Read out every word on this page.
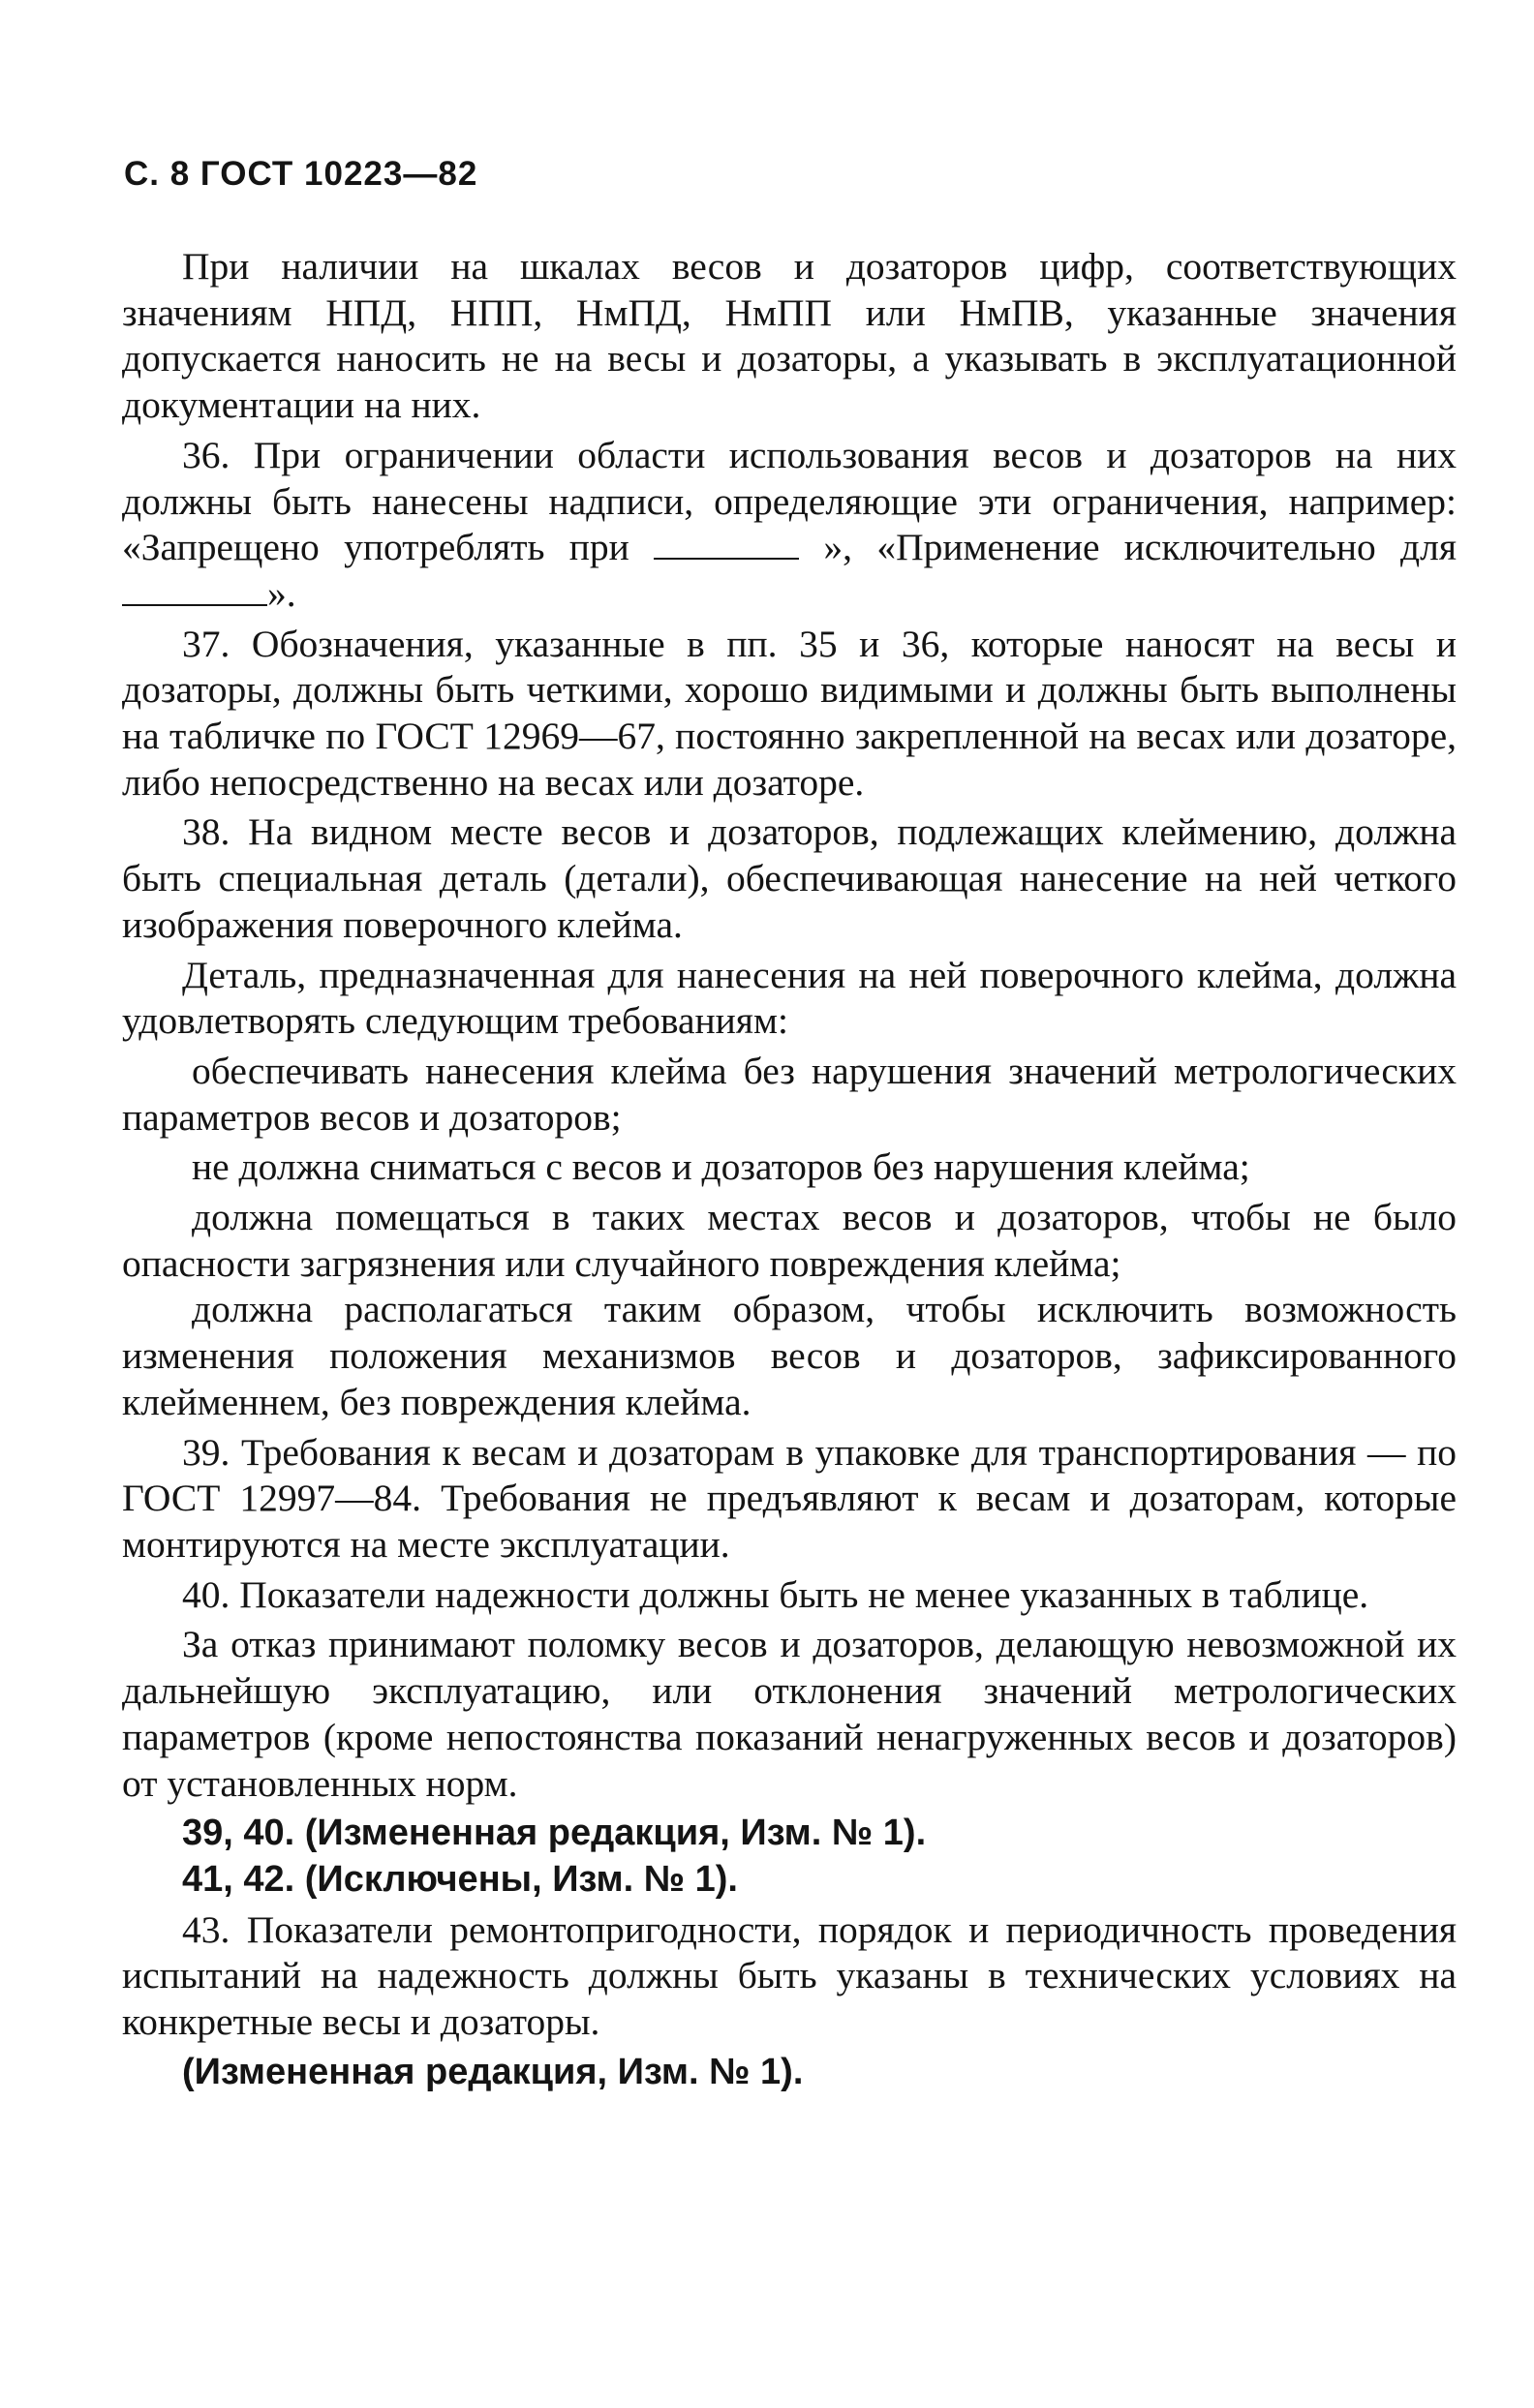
С. 8 ГОСТ 10223—82

При наличии на шкалах весов и дозаторов цифр, соответствующих значениям НПД, НПП, НмПД, НмПП или НмПВ, указанные значения допускается наносить не на весы и дозаторы, а указывать в эксплуатационной документации на них.

36. При ограничении области использования весов и дозаторов на них должны быть нанесены надписи, определяющие эти ограничения, например: «Запрещено употреблять при	», «Применение исключительно для ».

37. Обозначения, указанные в пп. 35 и 36, которые наносят на весы и дозаторы, должны быть четкими, хорошо видимыми и должны быть выполнены на табличке по ГОСТ 12969—67, постоянно закрепленной на весах или дозаторе, либо непосредственно на весах или дозаторе.

38. На видном месте весов и дозаторов, подлежащих клеймению, должна быть специальная деталь (детали), обеспечивающая нанесение на ней четкого изображения поверочного клейма.

Деталь, предназначенная для нанесения на ней поверочного клейма, должна удовлетворять следующим требованиям:

обеспечивать нанесения клейма без нарушения значений метрологических параметров весов и дозаторов;

не должна сниматься с весов и дозаторов без нарушения клейма;

должна помещаться в таких местах весов и дозаторов, чтобы не было опасности загрязнения или случайного повреждения клейма;

должна располагаться таким образом, чтобы исключить возможность изменения положения механизмов весов и дозаторов, зафиксированного клейменнем, без повреждения клейма.

39. Требования к весам и дозаторам в упаковке для транспортирования — по ГОСТ 12997—84. Требования не предъявляют к весам и дозаторам, которые монтируются на месте эксплуатации.

40. Показатели надежности должны быть не менее указанных в таблице.

За отказ принимают поломку весов и дозаторов, делающую невозможной их дальнейшую эксплуатацию, или отклонения значений метрологических параметров (кроме непостоянства показаний ненагруженных весов и дозаторов) от установленных норм.

39, 40. (Измененная редакция, Изм. № 1).

41, 42. (Исключены, Изм. № 1).

43. Показатели ремонтопригодности, порядок и периодичность проведения испытаний на надежность должны быть указаны в технических условиях на конкретные весы и дозаторы.

(Измененная редакция, Изм. № 1).
